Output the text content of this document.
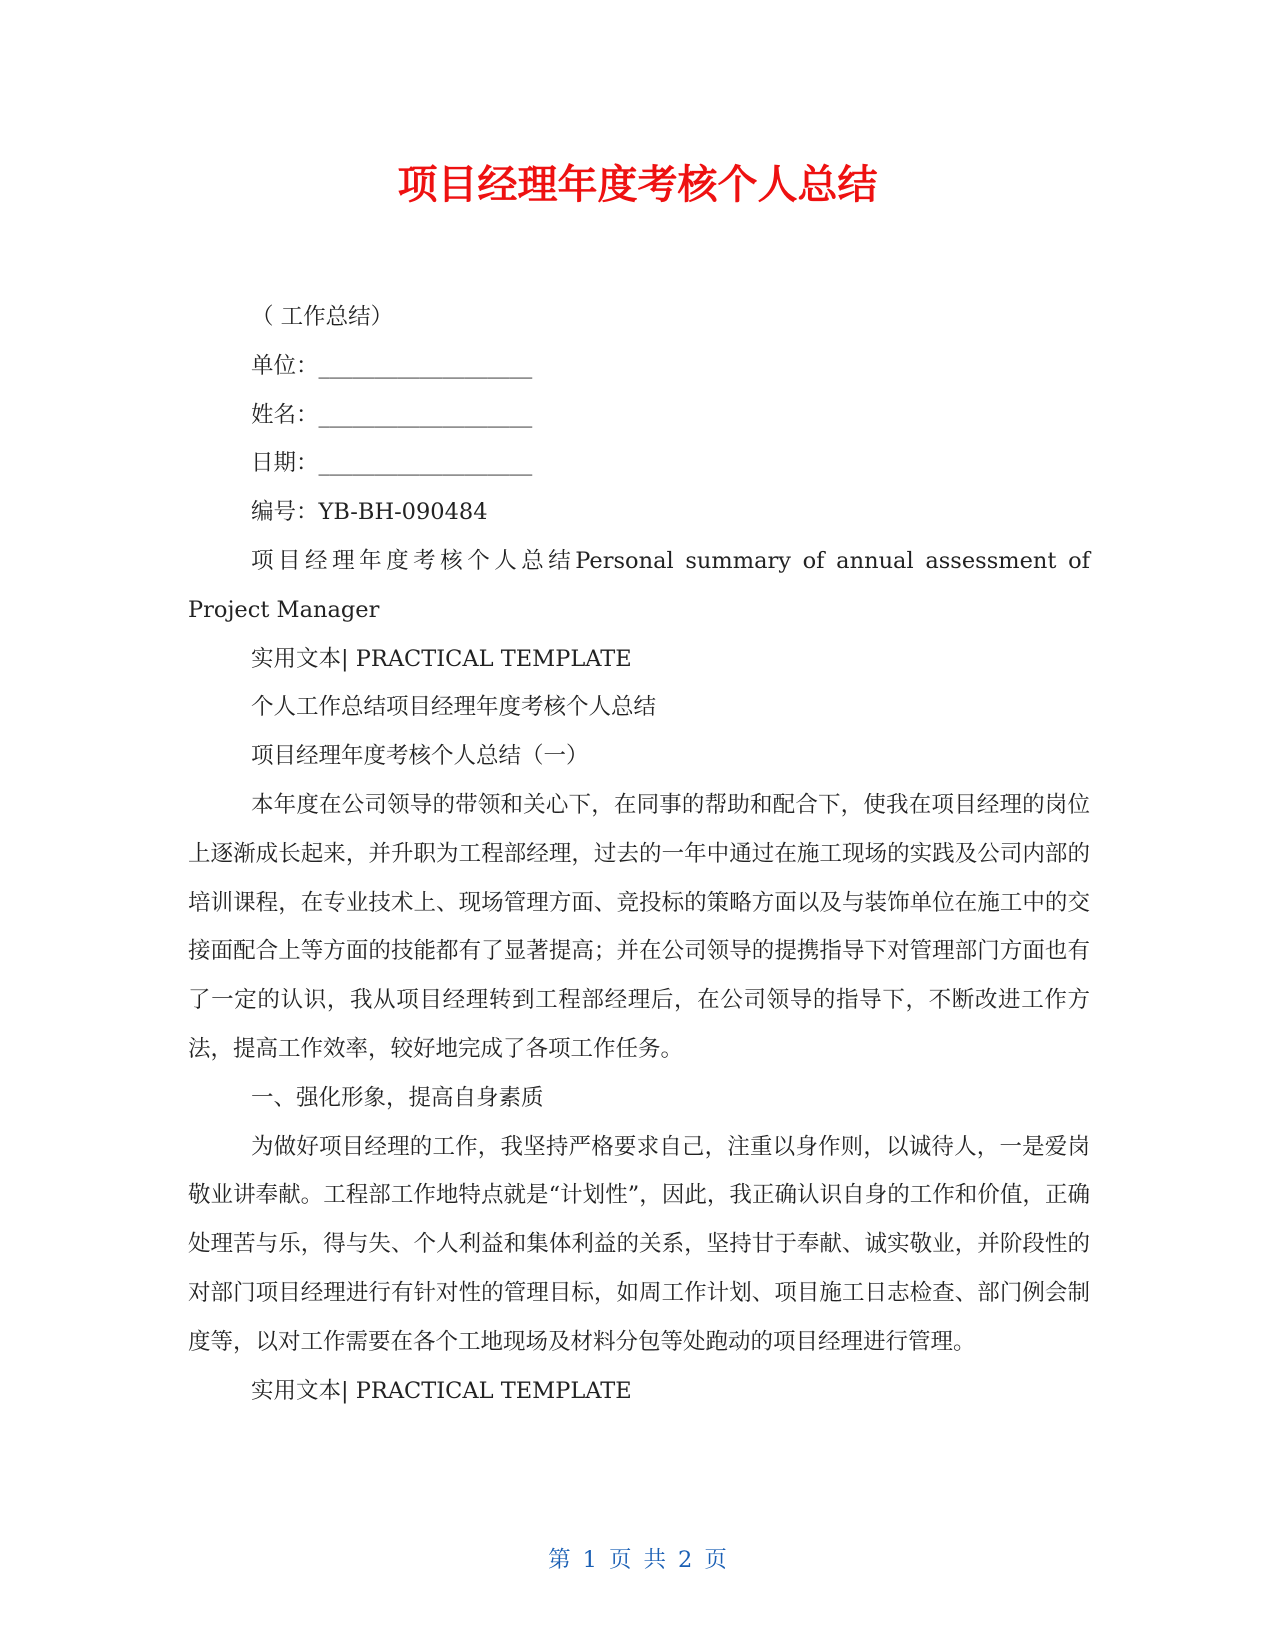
项目经理年度考核个人总结

（ 工作总结）

单位：___________________

姓名：___________________

日期：___________________

编号：YB-BH-090484

项目经理年度考核个人总结Personal summary of annual assessment of Project Manager

实用文本| PRACTICAL TEMPLATE

个人工作总结项目经理年度考核个人总结

项目经理年度考核个人总结（一）

本年度在公司领导的带领和关心下，在同事的帮助和配合下，使我在项目经理的岗位上逐渐成长起来，并升职为工程部经理，过去的一年中通过在施工现场的实践及公司内部的培训课程，在专业技术上、现场管理方面、竞投标的策略方面以及与装饰单位在施工中的交接面配合上等方面的技能都有了显著提高；并在公司领导的提携指导下对管理部门方面也有了一定的认识，我从项目经理转到工程部经理后，在公司领导的指导下，不断改进工作方法，提高工作效率，较好地完成了各项工作任务。

一、强化形象，提高自身素质

为做好项目经理的工作，我坚持严格要求自己，注重以身作则，以诚待人，一是爱岗敬业讲奉献。工程部工作地特点就是“计划性”，因此，我正确认识自身的工作和价值，正确处理苦与乐，得与失、个人利益和集体利益的关系，坚持甘于奉献、诚实敬业，并阶段性的对部门项目经理进行有针对性的管理目标，如周工作计划、项目施工日志检查、部门例会制度等，以对工作需要在各个工地现场及材料分包等处跑动的项目经理进行管理。

实用文本| PRACTICAL TEMPLATE

第 1 页 共 2 页
